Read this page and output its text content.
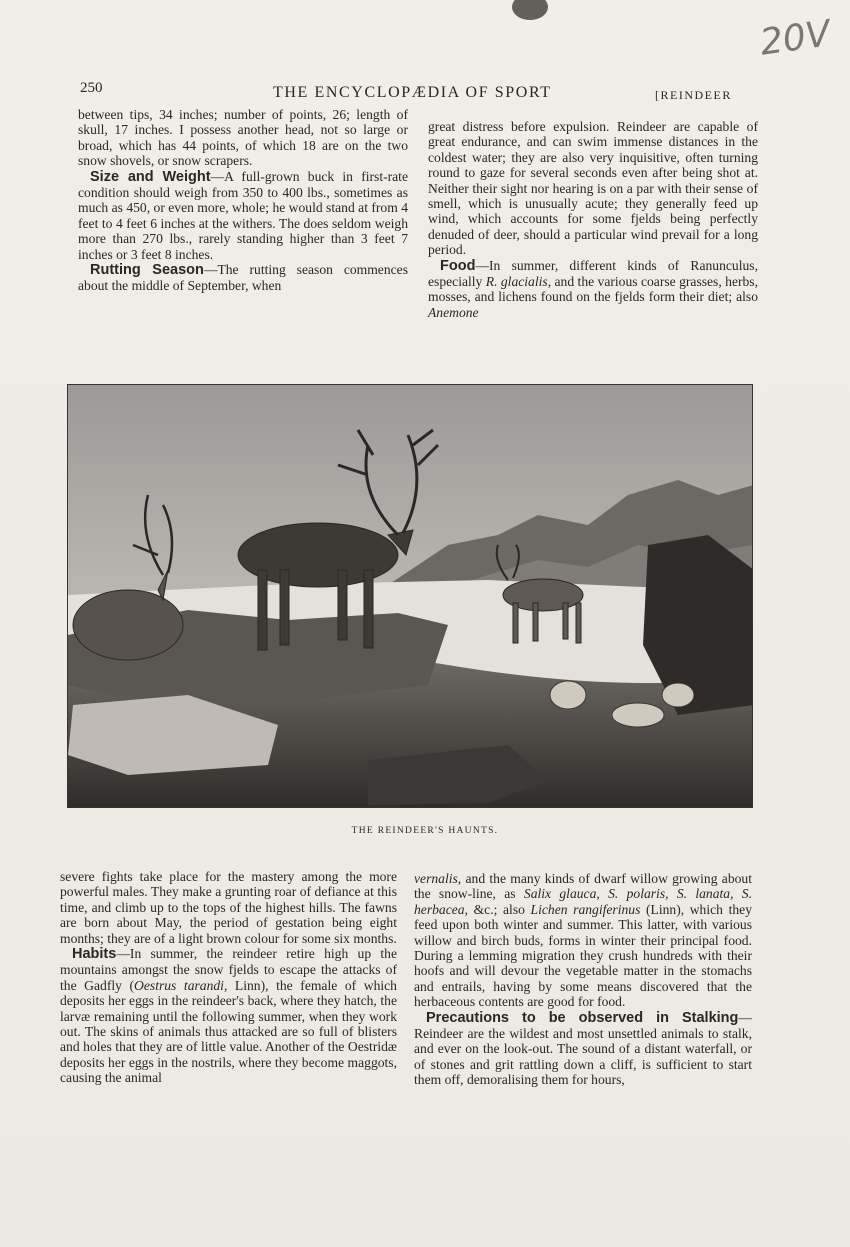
20V
250	THE ENCYCLOPÆDIA OF SPORT	[REINDEER

between tips, 34 inches; number of points, 26; length of skull, 17 inches. I possess another head, not so large or broad, which has 44 points, of which 18 are on the two snow shovels, or snow scrapers.

Size and Weight—A full-grown buck in first-rate condition should weigh from 350 to 400 lbs., sometimes as much as 450, or even more, whole; he would stand at from 4 feet to 4 feet 6 inches at the withers. The does seldom weigh more than 270 lbs., rarely standing higher than 3 feet 7 inches or 3 feet 8 inches.

Rutting Season—The rutting season commences about the middle of September, when

great distress before expulsion. Reindeer are capable of great endurance, and can swim immense distances in the coldest water; they are also very inquisitive, often turning round to gaze for several seconds even after being shot at. Neither their sight nor hearing is on a par with their sense of smell, which is unusually acute; they generally feed up wind, which accounts for some fjelds being perfectly denuded of deer, should a particular wind prevail for a long period.

Food—In summer, different kinds of Ranunculus, especially R. glacialis, and the various coarse grasses, herbs, mosses, and lichens found on the fjelds form their diet; also Anemone

THE REINDEER'S HAUNTS.

severe fights take place for the mastery among the more powerful males. They make a grunting roar of defiance at this time, and climb up to the tops of the highest hills. The fawns are born about May, the period of gestation being eight months; they are of a light brown colour for some six months.

Habits—In summer, the reindeer retire high up the mountains amongst the snow fjelds to escape the attacks of the Gadfly (Oestrus tarandi, Linn), the female of which deposits her eggs in the reindeer's back, where they hatch, the larvæ remaining until the following summer, when they work out. The skins of animals thus attacked are so full of blisters and holes that they are of little value. Another of the Oestridæ deposits her eggs in the nostrils, where they become maggots, causing the animal

vernalis, and the many kinds of dwarf willow growing about the snow-line, as Salix glauca, S. polaris, S. lanata, S. herbacea, &c.; also Lichen rangiferinus (Linn), which they feed upon both winter and summer. This latter, with various willow and birch buds, forms in winter their principal food. During a lemming migration they crush hundreds with their hoofs and will devour the vegetable matter in the stomachs and entrails, having by some means discovered that the herbaceous contents are good for food.

Precautions to be observed in Stalking—Reindeer are the wildest and most unsettled animals to stalk, and ever on the look-out. The sound of a distant waterfall, or of stones and grit rattling down a cliff, is sufficient to start them off, demoralising them for hours,
